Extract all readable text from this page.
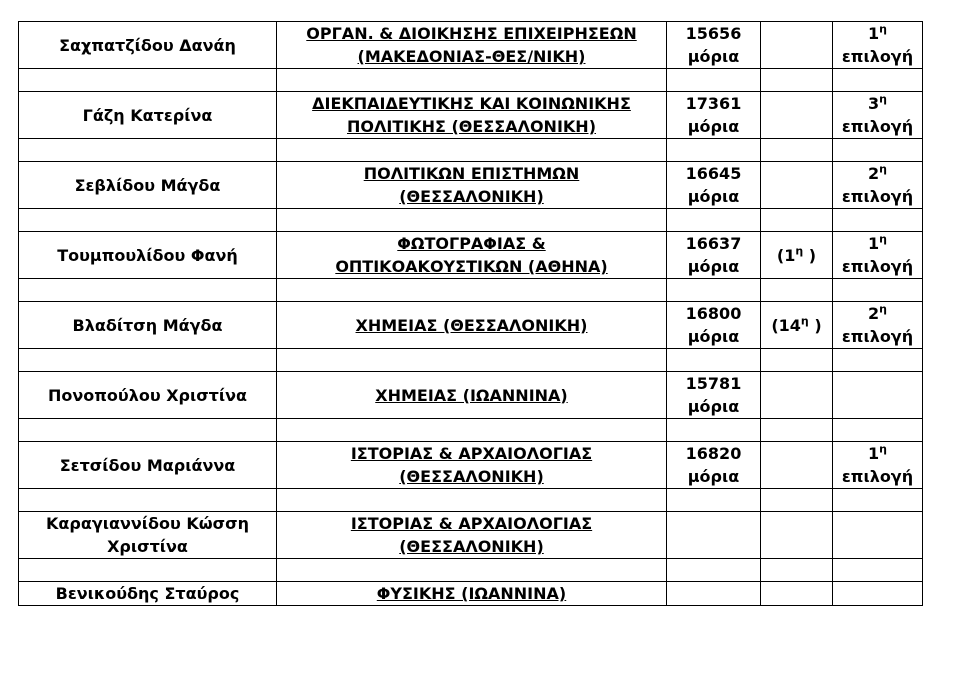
Σαχπατζίδου Δανάη	ΟΡΓΑΝ. & ΔΙΟΙΚΗΣΗΣ ΕΠΙΧΕΙΡΗΣΕΩΝ
(ΜΑΚΕΔΟΝΙΑΣ-ΘΕΣ/ΝΙΚΗ)	15656
μόρια		$1^\eta$
επιλογή

Γάζη Κατερίνα	ΔΙΕΚΠΑΙΔΕΥΤΙΚΗΣ ΚΑΙ ΚΟΙΝΩΝΙΚΗΣ
ΠΟΛΙΤΙΚΗΣ (ΘΕΣΣΑΛΟΝΙΚΗ)	17361
μόρια		$3^\eta$
επιλογή

Σεβλίδου Μάγδα	ΠΟΛΙΤΙΚΩΝ ΕΠΙΣΤΗΜΩΝ
(ΘΕΣΣΑΛΟΝΙΚΗ)	16645
μόρια		$2^\eta$
επιλογή

Τουμπουλίδου Φανή	ΦΩΤΟΓΡΑΦΙΑΣ &
ΟΠΤΙΚΟΑΚΟΥΣΤΙΚΩΝ (ΑΘΗΝΑ)	16637
μόρια	($1^\eta$ )	$1^\eta$
επιλογή

Βλαδίτση Μάγδα	ΧΗΜΕΙΑΣ (ΘΕΣΣΑΛΟΝΙΚΗ)	16800
μόρια	($14^\eta$ )	$2^\eta$
επιλογή

Πονοπούλου Χριστίνα	ΧΗΜΕΙΑΣ (ΙΩΑΝΝΙΝΑ)	15781
μόρια		

Σετσίδου Μαριάννα	ΙΣΤΟΡΙΑΣ & ΑΡΧΑΙΟΛΟΓΙΑΣ
(ΘΕΣΣΑΛΟΝΙΚΗ)	16820
μόρια		$1^\eta$
επιλογή

Καραγιαννίδου Κώσση Χριστίνα	ΙΣΤΟΡΙΑΣ & ΑΡΧΑΙΟΛΟΓΙΑΣ
(ΘΕΣΣΑΛΟΝΙΚΗ)			

Βενικούδης Σταύρος	ΦΥΣΙΚΗΣ (ΙΩΑΝΝΙΝΑ)			
